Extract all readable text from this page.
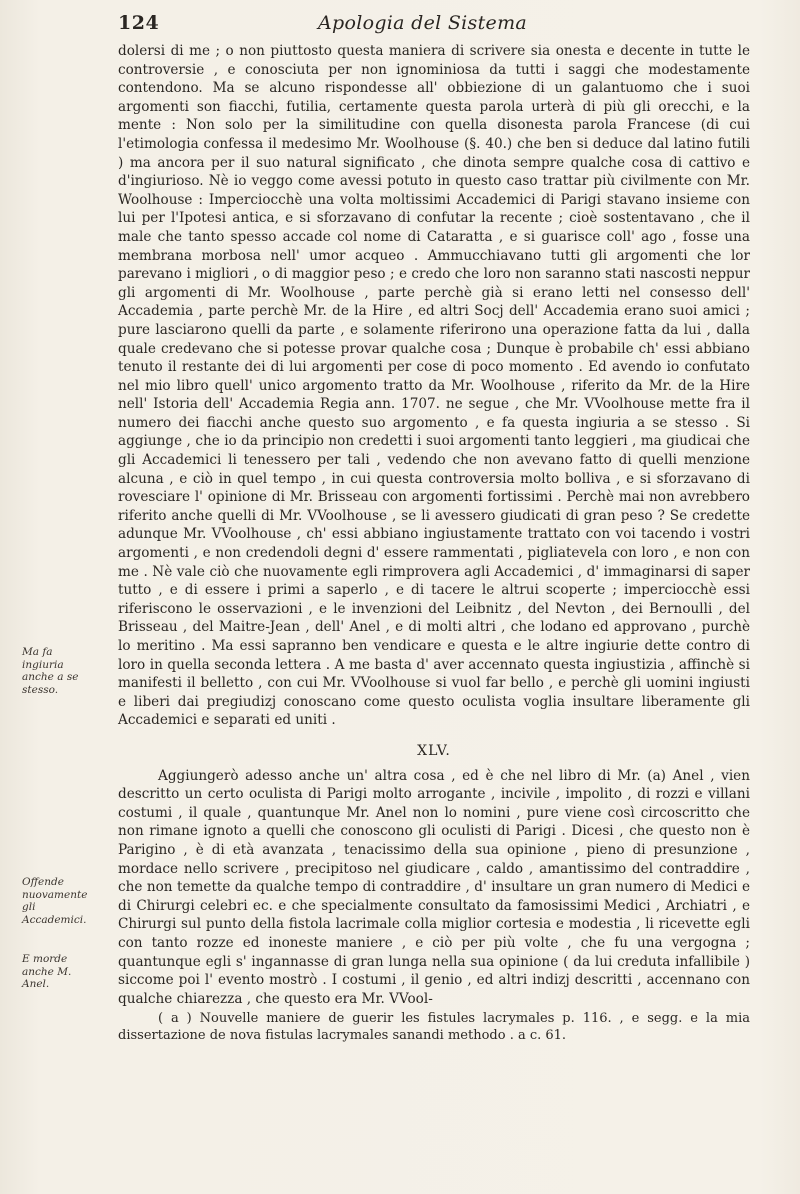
124	Apologia del Sistema
Ma fa ingiuria anche a se stesso.
Offende nuovamente gli Accademici.
E morde anche M. Anel.

dolersi di me ; o non piuttosto questa maniera di scrivere sia onesta e decente in tutte le controversie , e conosciuta per non ignominiosa da tutti i saggi che modestamente contendono. Ma se alcuno rispondesse all' obbiezione di un galantuomo che i suoi argomenti son fiacchi, futilia, certamente questa parola urterà di più gli orecchi, e la mente : Non solo per la similitudine con quella disonesta parola Francese (di cui l'etimologia confessa il medesimo Mr. Woolhouse (§. 40.) che ben si deduce dal latino futili ) ma ancora per il suo natural significato , che dinota sempre qualche cosa di cattivo e d'ingiurioso. Nè io veggo come avessi potuto in questo caso trattar più civilmente con Mr. Woolhouse : Imperciocchè una volta moltissimi Accademici di Parigi stavano insieme con lui per l'Ipotesi antica, e si sforzavano di confutar la recente ; cioè sostentavano , che il male che tanto spesso accade col nome di Cataratta , e si guarisce coll' ago , fosse una membrana morbosa nell' umor acqueo . Ammucchiavano tutti gli argomenti che lor parevano i migliori , o di maggior peso ; e credo che loro non saranno stati nascosti neppur gli argomenti di Mr. Woolhouse , parte perchè già si erano letti nel consesso dell' Accademia , parte perchè Mr. de la Hire , ed altri Socj dell' Accademia erano suoi amici ; pure lasciarono quelli da parte , e solamente riferirono una operazione fatta da lui , dalla quale credevano che si potesse provar qualche cosa ; Dunque è probabile ch' essi abbiano tenuto il restante dei di lui argomenti per cose di poco momento . Ed avendo io confutato nel mio libro quell' unico argomento tratto da Mr. Woolhouse , riferito da Mr. de la Hire nell' Istoria dell' Accademia Regia ann. 1707. ne segue , che Mr. VVoolhouse mette fra il numero dei fiacchi anche questo suo argomento , e fa questa ingiuria a se stesso . Si aggiunge , che io da principio non credetti i suoi argomenti tanto leggieri , ma giudicai che gli Accademici li tenessero per tali , vedendo che non avevano fatto di quelli menzione alcuna , e ciò in quel tempo , in cui questa controversia molto bolliva , e si sforzavano di rovesciare l' opinione di Mr. Brisseau con argomenti fortissimi . Perchè mai non avrebbero riferito anche quelli di Mr. VVoolhouse , se li avessero giudicati di gran peso ? Se credette adunque Mr. VVoolhouse , ch' essi abbiano ingiustamente trattato con voi tacendo i vostri argomenti , e non credendoli degni d' essere rammentati , pigliatevela con loro , e non con me . Nè vale ciò che nuovamente egli rimprovera agli Accademici , d' immaginarsi di saper tutto , e di essere i primi a saperlo , e di tacere le altrui scoperte ; imperciocchè essi riferiscono le osservazioni , e le invenzioni del Leibnitz , del Nevton , dei Bernoulli , del Brisseau , del Maitre-Jean , dell' Anel , e di molti altri , che lodano ed approvano , purchè lo meritino . Ma essi sapranno ben vendicare e questa e le altre ingiurie dette contro di loro in quella seconda lettera . A me basta d' aver accennato questa ingiustizia , affinchè si manifesti il belletto , con cui Mr. VVoolhouse si vuol far bello , e perchè gli uomini ingiusti e liberi dai pregiudizj conoscano come questo oculista voglia insultare liberamente gli Accademici e separati ed uniti .

XLV.

Aggiungerò adesso anche un' altra cosa , ed è che nel libro di Mr. (a) Anel , vien descritto un certo oculista di Parigi molto arrogante , incivile , impolito , di rozzi e villani costumi , il quale , quantunque Mr. Anel non lo nomini , pure viene così circoscritto che non rimane ignoto a quelli che conoscono gli oculisti di Parigi . Dicesi , che questo non è Parigino , è di età avanzata , tenacissimo della sua opinione , pieno di presunzione , mordace nello scrivere , precipitoso nel giudicare , caldo , amantissimo del contraddire , che non temette da qualche tempo di contraddire , d' insultare un gran numero di Medici e di Chirurgi celebri ec. e che specialmente consultato da famosissimi Medici , Archiatri , e Chirurgi sul punto della fistola lacrimale colla miglior cortesia e modestia , li ricevette egli con tanto rozze ed inoneste maniere , e ciò per più volte , che fu una vergogna ; quantunque egli s' ingannasse di gran lunga nella sua opinione ( da lui creduta infallibile ) siccome poi l' evento mostrò . I costumi , il genio , ed altri indizj descritti , accennano con qualche chiarezza , che questo era Mr. VVool-

( a ) Nouvelle maniere de guerir les fistules lacrymales p. 116. , e segg. e la mia dissertazione de nova fistulas lacrymales sanandi methodo . a c. 61.
